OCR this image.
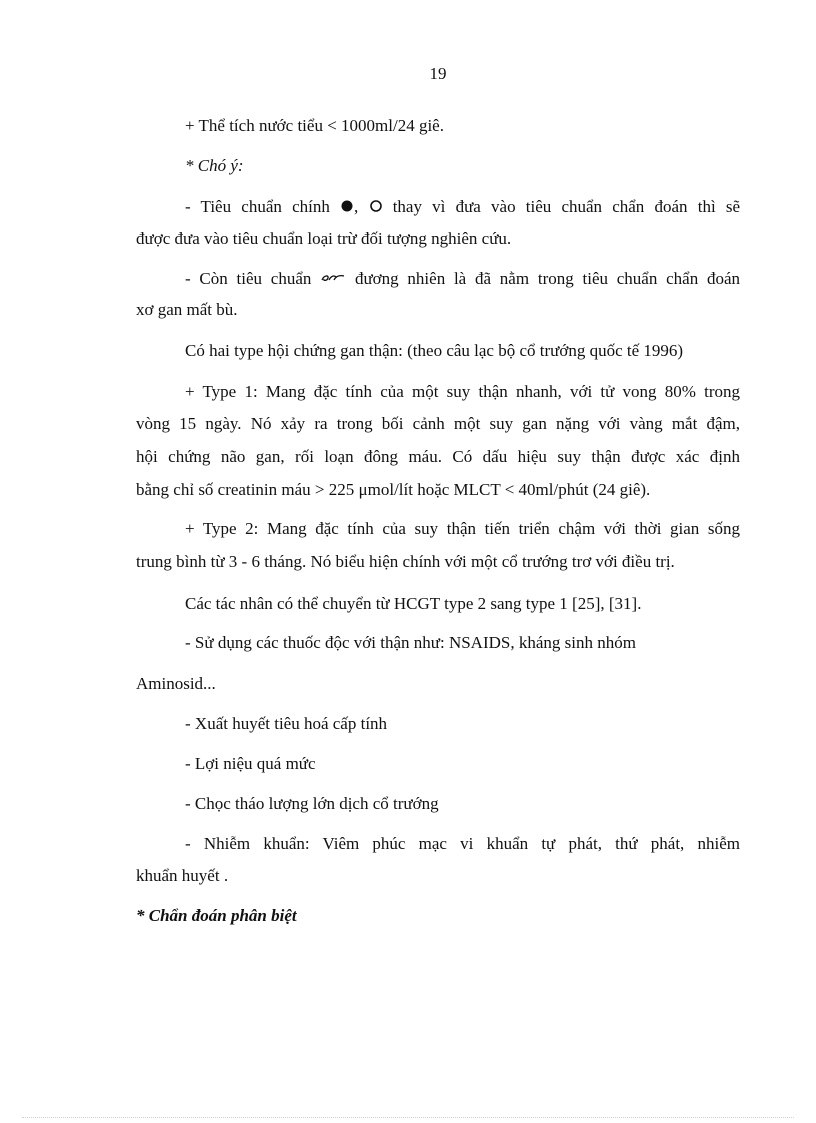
19
+ Thể tích nước tiểu < 1000ml/24 giê.
* Chó ý:
- Tiêu chuẩn chính ,  thay vì đưa vào tiêu chuẩn chẩn đoán thì sẽ
được đưa vào tiêu chuẩn loại trừ đối tượng nghiên cứu.
- Còn tiêu chuẩn	đương nhiên là đã nằm trong tiêu chuẩn chẩn đoán
xơ gan mất bù.
Có hai type hội chứng gan thận: (theo câu lạc bộ cổ trướng quốc tế 1996)
+ Type 1: Mang đặc tính của một suy thận nhanh, với tử vong 80% trong
vòng 15 ngày. Nó xảy ra trong bối cảnh một suy gan nặng với vàng mắt đậm,
hội chứng não gan, rối loạn đông máu. Có dấu hiệu suy thận được xác định
bằng chỉ số creatinin máu > 225 μmol/lít hoặc MLCT < 40ml/phút (24 giê).
+ Type 2: Mang đặc tính của suy thận tiến triển chậm với thời gian sống
trung bình từ 3 - 6 tháng. Nó biểu hiện chính với một cổ trướng trơ với điều trị.
Các tác nhân có thể chuyển từ HCGT type 2 sang type 1 [25], [31].
- Sử dụng các thuốc độc với thận như: NSAIDS, kháng sinh nhóm
Aminosid...
- Xuất huyết tiêu hoá cấp tính
- Lợi niệu quá mức
- Chọc tháo lượng lớn dịch cổ trướng
- Nhiễm khuẩn: Viêm phúc mạc vi khuẩn tự phát, thứ phát, nhiễm
khuẩn huyết .
* Chẩn đoán phân biệt
